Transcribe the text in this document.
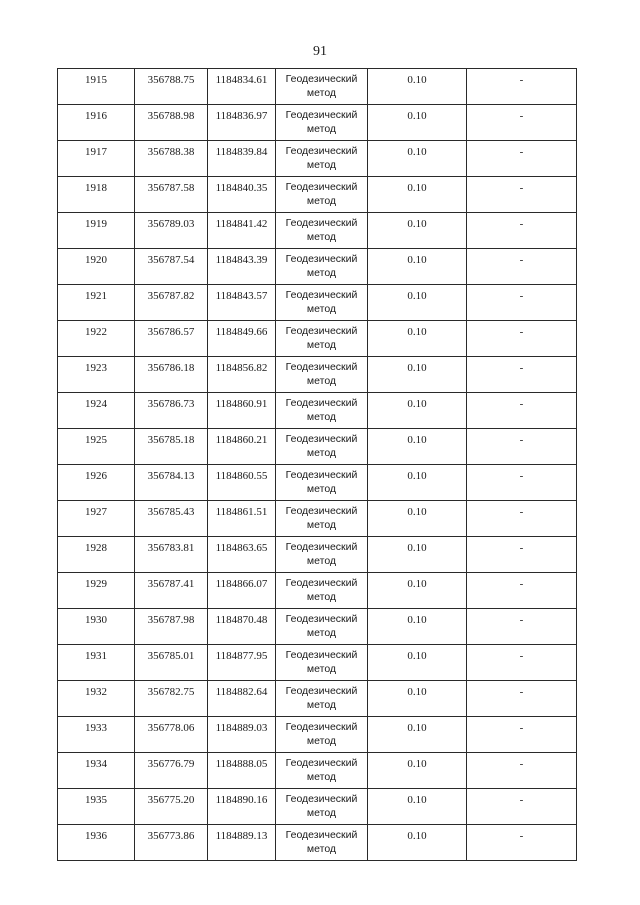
91
1915	356788.75	1184834.61	Геодезический метод	0.10	-

1916	356788.98	1184836.97	Геодезический метод	0.10	-

1917	356788.38	1184839.84	Геодезический метод	0.10	-

1918	356787.58	1184840.35	Геодезический метод	0.10	-

1919	356789.03	1184841.42	Геодезический метод	0.10	-

1920	356787.54	1184843.39	Геодезический метод	0.10	-

1921	356787.82	1184843.57	Геодезический метод	0.10	-

1922	356786.57	1184849.66	Геодезический метод	0.10	-

1923	356786.18	1184856.82	Геодезический метод	0.10	-

1924	356786.73	1184860.91	Геодезический метод	0.10	-

1925	356785.18	1184860.21	Геодезический метод	0.10	-

1926	356784.13	1184860.55	Геодезический метод	0.10	-

1927	356785.43	1184861.51	Геодезический метод	0.10	-

1928	356783.81	1184863.65	Геодезический метод	0.10	-

1929	356787.41	1184866.07	Геодезический метод	0.10	-

1930	356787.98	1184870.48	Геодезический метод	0.10	-

1931	356785.01	1184877.95	Геодезический метод	0.10	-

1932	356782.75	1184882.64	Геодезический метод	0.10	-

1933	356778.06	1184889.03	Геодезический метод	0.10	-

1934	356776.79	1184888.05	Геодезический метод	0.10	-

1935	356775.20	1184890.16	Геодезический метод	0.10	-

1936	356773.86	1184889.13	Геодезический метод	0.10	-
